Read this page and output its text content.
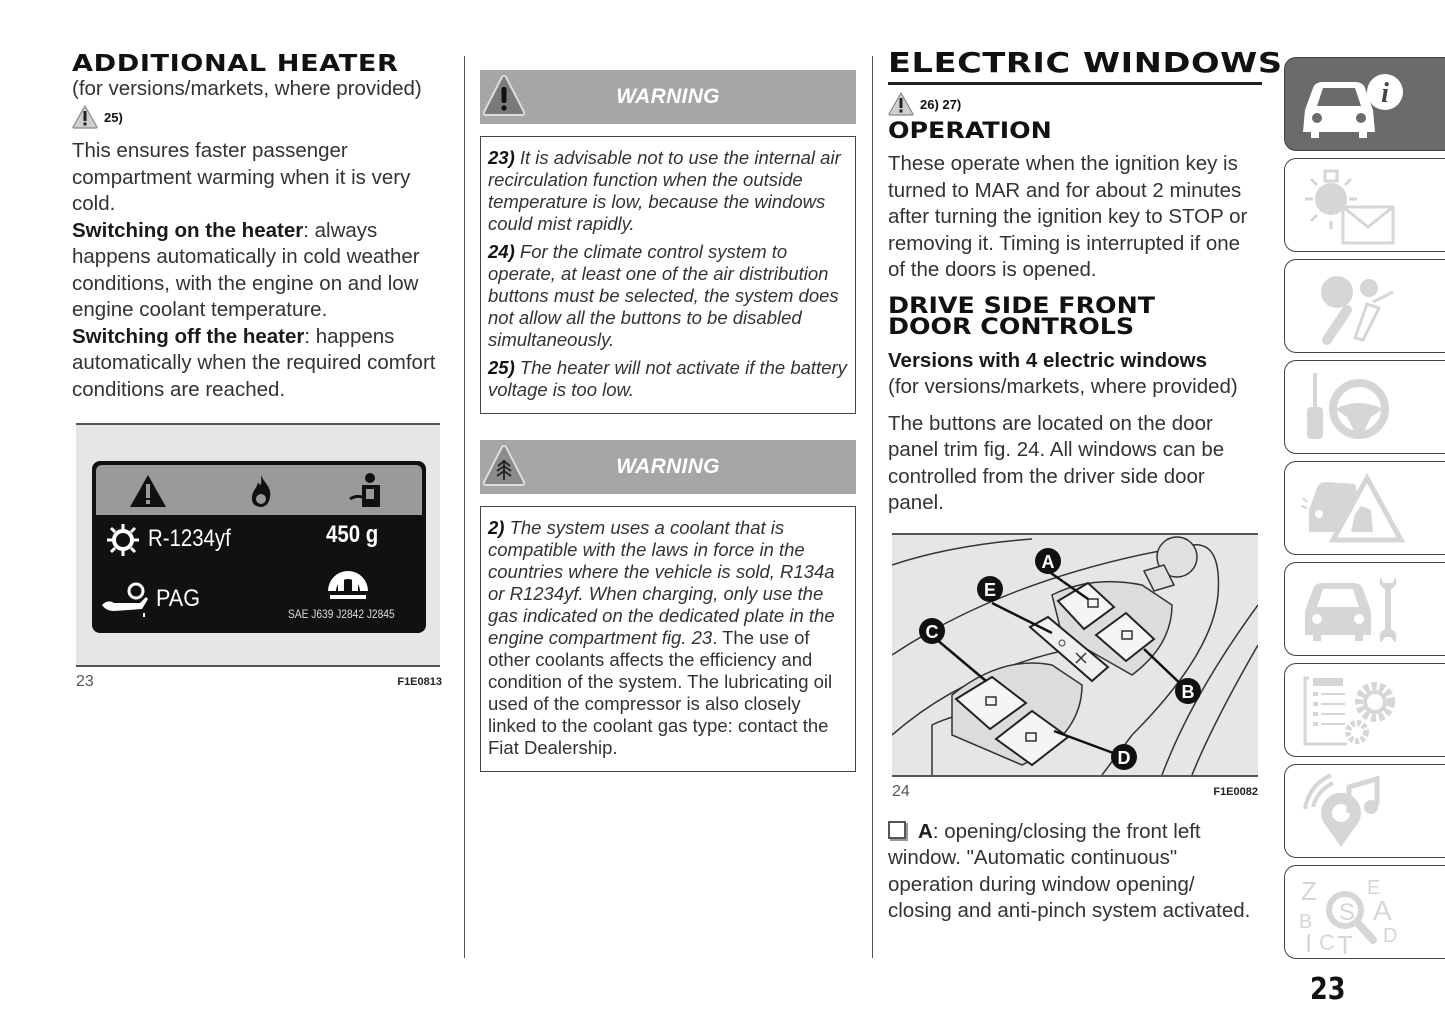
ADDITIONAL HEATER
(for versions/markets, where provided)
25)

This ensures faster passenger compartment warming when it is very cold.

Switching on the heater: always happens automatically in cold weather conditions, with the engine on and low engine coolant temperature.

Switching off the heater: happens automatically when the required comfort conditions are reached.

R-1234yf	450 g
PAG
SAE J639 J2842 J2845
23	F1E0813
WARNING

23) It is advisable not to use the internal air recirculation function when the outside temperature is low, because the windows could mist rapidly.

24) For the climate control system to operate, at least one of the air distribution buttons must be selected, the system does not allow all the buttons to be disabled simultaneously.

25) The heater will not activate if the battery voltage is too low.

WARNING

2) The system uses a coolant that is compatible with the laws in force in the countries where the vehicle is sold, R134a or R1234yf. When charging, only use the gas indicated on the dedicated plate in the engine compartment fig. 23. The use of other coolants affects the efficiency and condition of the system. The lubricating oil used of the compressor is also closely linked to the coolant gas type: contact the Fiat Dealership.

ELECTRIC WINDOWS
26) 27)
OPERATION

These operate when the ignition key is turned to MAR and for about 2 minutes after turning the ignition key to STOP or removing it. Timing is interrupted if one of the doors is opened.

DRIVE SIDE FRONT
DOOR CONTROLS
Versions with 4 electric windows
(for versions/markets, where provided)

The buttons are located on the door panel trim fig. 24. All windows can be controlled from the driver side door panel.

A
E
C
B
D
24	F1E0082

A: opening/closing the front left window. "Automatic continuous" operation during window opening/ closing and anti-pinch system activated.

i
Z
B
I C T
E
A
D
S
23
